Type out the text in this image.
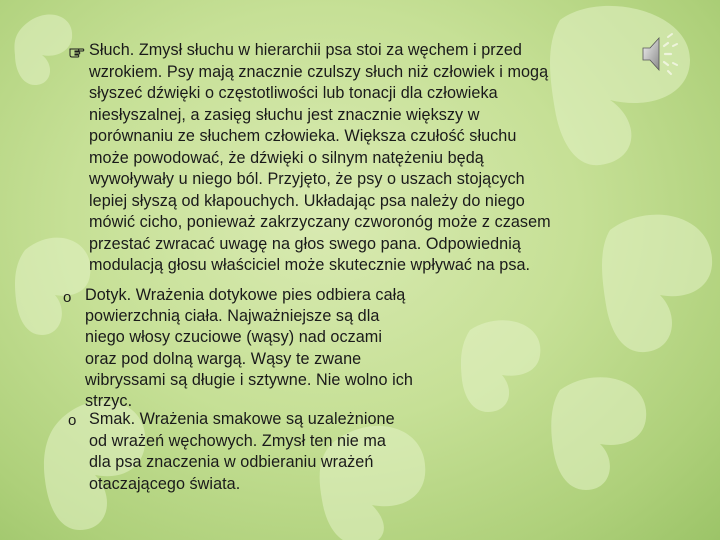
Słuch. Zmysł słuchu w hierarchii psa stoi za węchem i przed
wzrokiem. Psy mają znacznie czulszy słuch niż człowiek i mogą
słyszeć dźwięki o częstotliwości lub tonacji dla człowieka
niesłyszalnej, a zasięg słuchu jest znacznie większy w
porównaniu ze słuchem człowieka. Większa czułość słuchu
może powodować, że dźwięki o silnym natężeniu będą
wywoływały u niego ból. Przyjęto, że psy o uszach stojących
lepiej słyszą od kłapouchych. Układając psa należy do niego
mówić cicho, ponieważ zakrzyczany czworonóg może z czasem
przestać zwracać uwagę na głos swego pana. Odpowiednią
modulacją głosu właściciel może skutecznie wpływać na psa.
o Dotyk. Wrażenia dotykowe pies odbiera całą
powierzchnią ciała. Najważniejsze są dla
niego włosy czuciowe (wąsy) nad oczami
oraz pod dolną wargą. Wąsy te zwane
wibryssami są długie i sztywne. Nie wolno ich
strzyc.
o Smak. Wrażenia smakowe są uzależnione
od wrażeń węchowych. Zmysł ten nie ma
dla psa znaczenia w odbieraniu wrażeń
otaczającego świata.
